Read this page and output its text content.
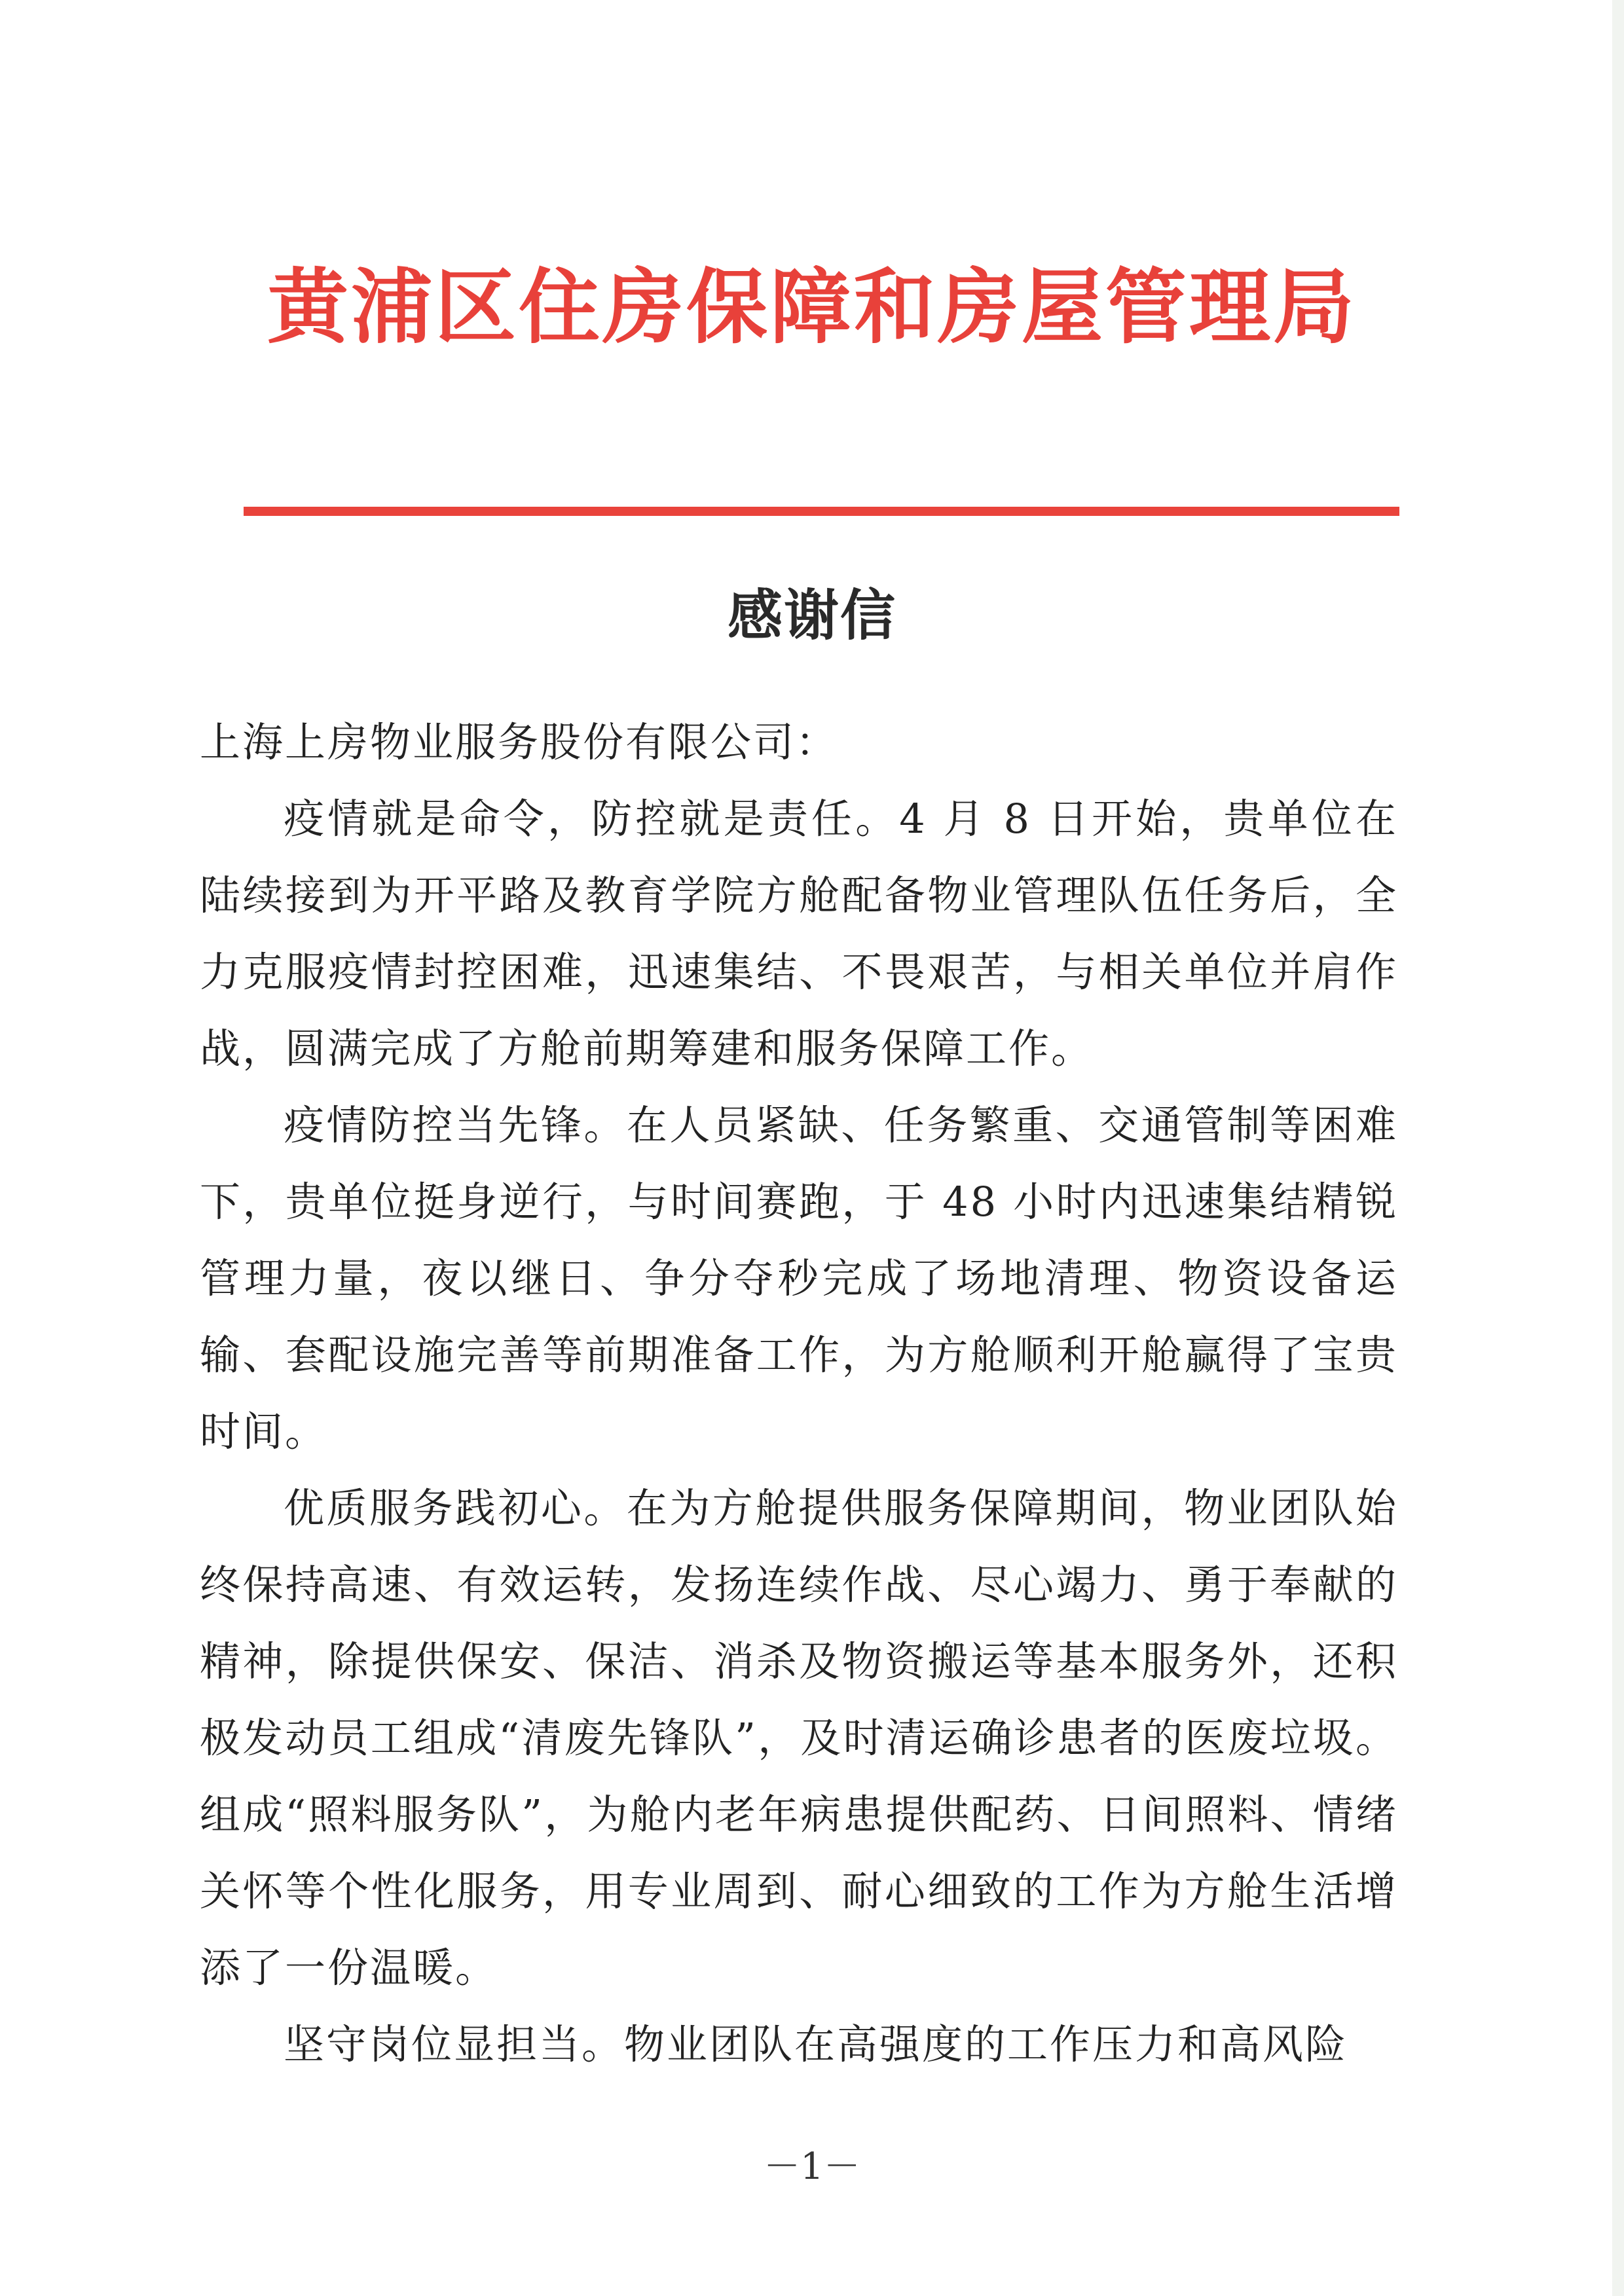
黄浦区住房保障和房屋管理局
感谢信

上海上房物业服务股份有限公司：

疫情就是命令，防控就是责任。4 月 8 日开始，贵单位在陆续接到为开平路及教育学院方舱配备物业管理队伍任务后，全力克服疫情封控困难，迅速集结、不畏艰苦，与相关单位并肩作战，圆满完成了方舱前期筹建和服务保障工作。

疫情防控当先锋。在人员紧缺、任务繁重、交通管制等困难下，贵单位挺身逆行，与时间赛跑，于 48 小时内迅速集结精锐管理力量，夜以继日、争分夺秒完成了场地清理、物资设备运输、套配设施完善等前期准备工作，为方舱顺利开舱赢得了宝贵时间。

优质服务践初心。在为方舱提供服务保障期间，物业团队始终保持高速、有效运转，发扬连续作战、尽心竭力、勇于奉献的精神，除提供保安、保洁、消杀及物资搬运等基本服务外，还积极发动员工组成“清废先锋队”，及时清运确诊患者的医废垃圾。组成“照料服务队”，为舱内老年病患提供配药、日间照料、情绪关怀等个性化服务，用专业周到、耐心细致的工作为方舱生活增添了一份温暖。

坚守岗位显担当。物业团队在高强度的工作压力和高风险

－1－
